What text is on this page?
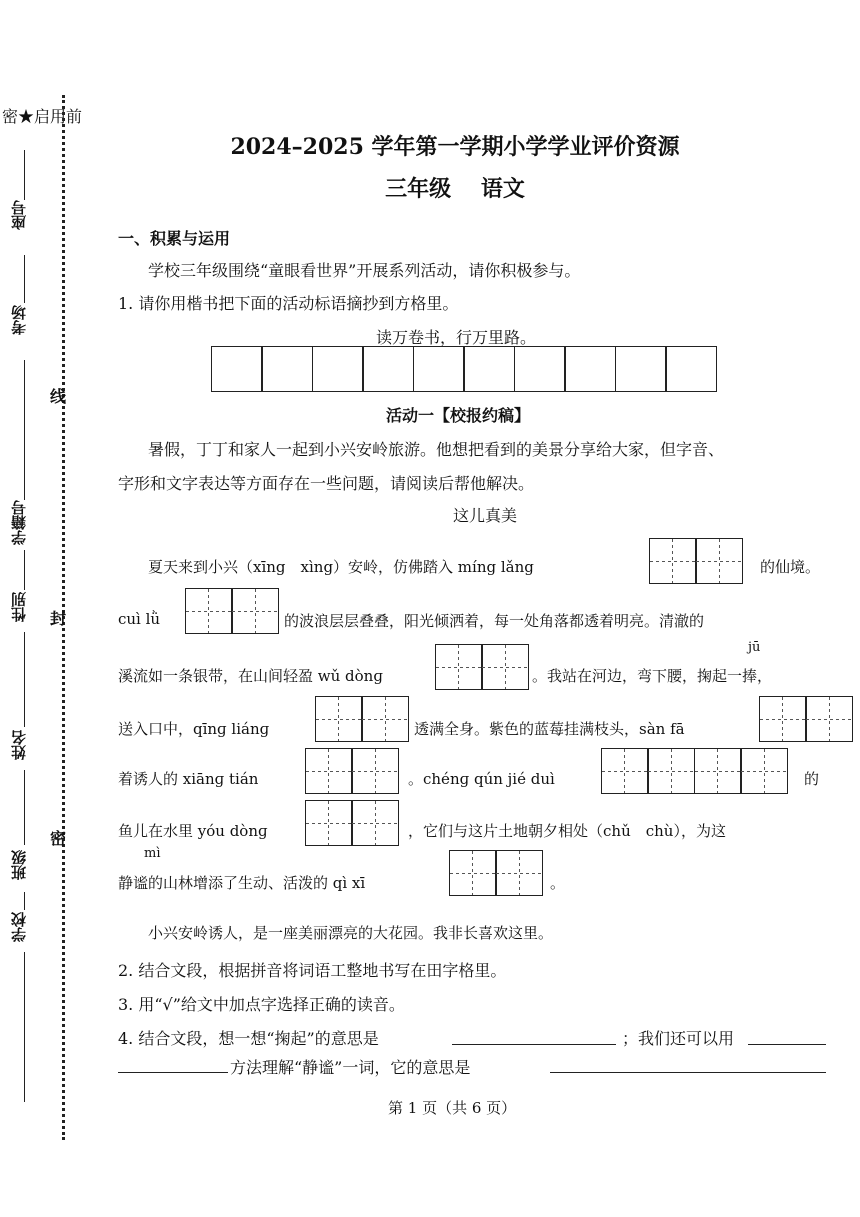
密★启用前
座号
考场
学籍号
性别
姓名
班级
学校
线
封
密
2024–2025 学年第一学期小学学业评价资源
三年级　 语文
一、积累与运用
学校三年级围绕“童眼看世界”开展系列活动，请你积极参与。
1. 请你用楷书把下面的活动标语摘抄到方格里。
读万卷书，行万里路。
活动一【校报约稿】
暑假，丁丁和家人一起到小兴安岭旅游。他想把看到的美景分享给大家，但字音、
字形和文字表达等方面存在一些问题，请阅读后帮他解决。
这儿真美
夏天来到小兴（xīng　xìng）安岭，仿佛踏入 míng lǎng	的仙境。
cuì lǜ	的波浪层层叠叠，阳光倾洒着，每一处角落都透着明亮。清澈的
jū
溪流如一条银带，在山间轻盈 wǔ dònɡ	。我站在河边，弯下腰，掬起一捧，
送入口中，qīnɡ liánɡ	透满全身。紫色的蓝莓挂满枝头，sàn fā
着诱人的 xiānɡ tián	。chénɡ qún jié duì	的
鱼儿在水里 yóu dònɡ	，它们与这片土地朝夕相处（chǔ　chù），为这
mì
静谧的山林增添了生动、活泼的 qì xī	。
小兴安岭诱人，是一座美丽漂亮的大花园。我非长喜欢这里。
2. 结合文段，根据拼音将词语工整地书写在田字格里。
3. 用“√”给文中加点字选择正确的读音。
4. 结合文段，想一想“掬起”的意思是	；我们还可以用
方法理解“静谧”一词，它的意思是
第 1 页（共 6 页）
